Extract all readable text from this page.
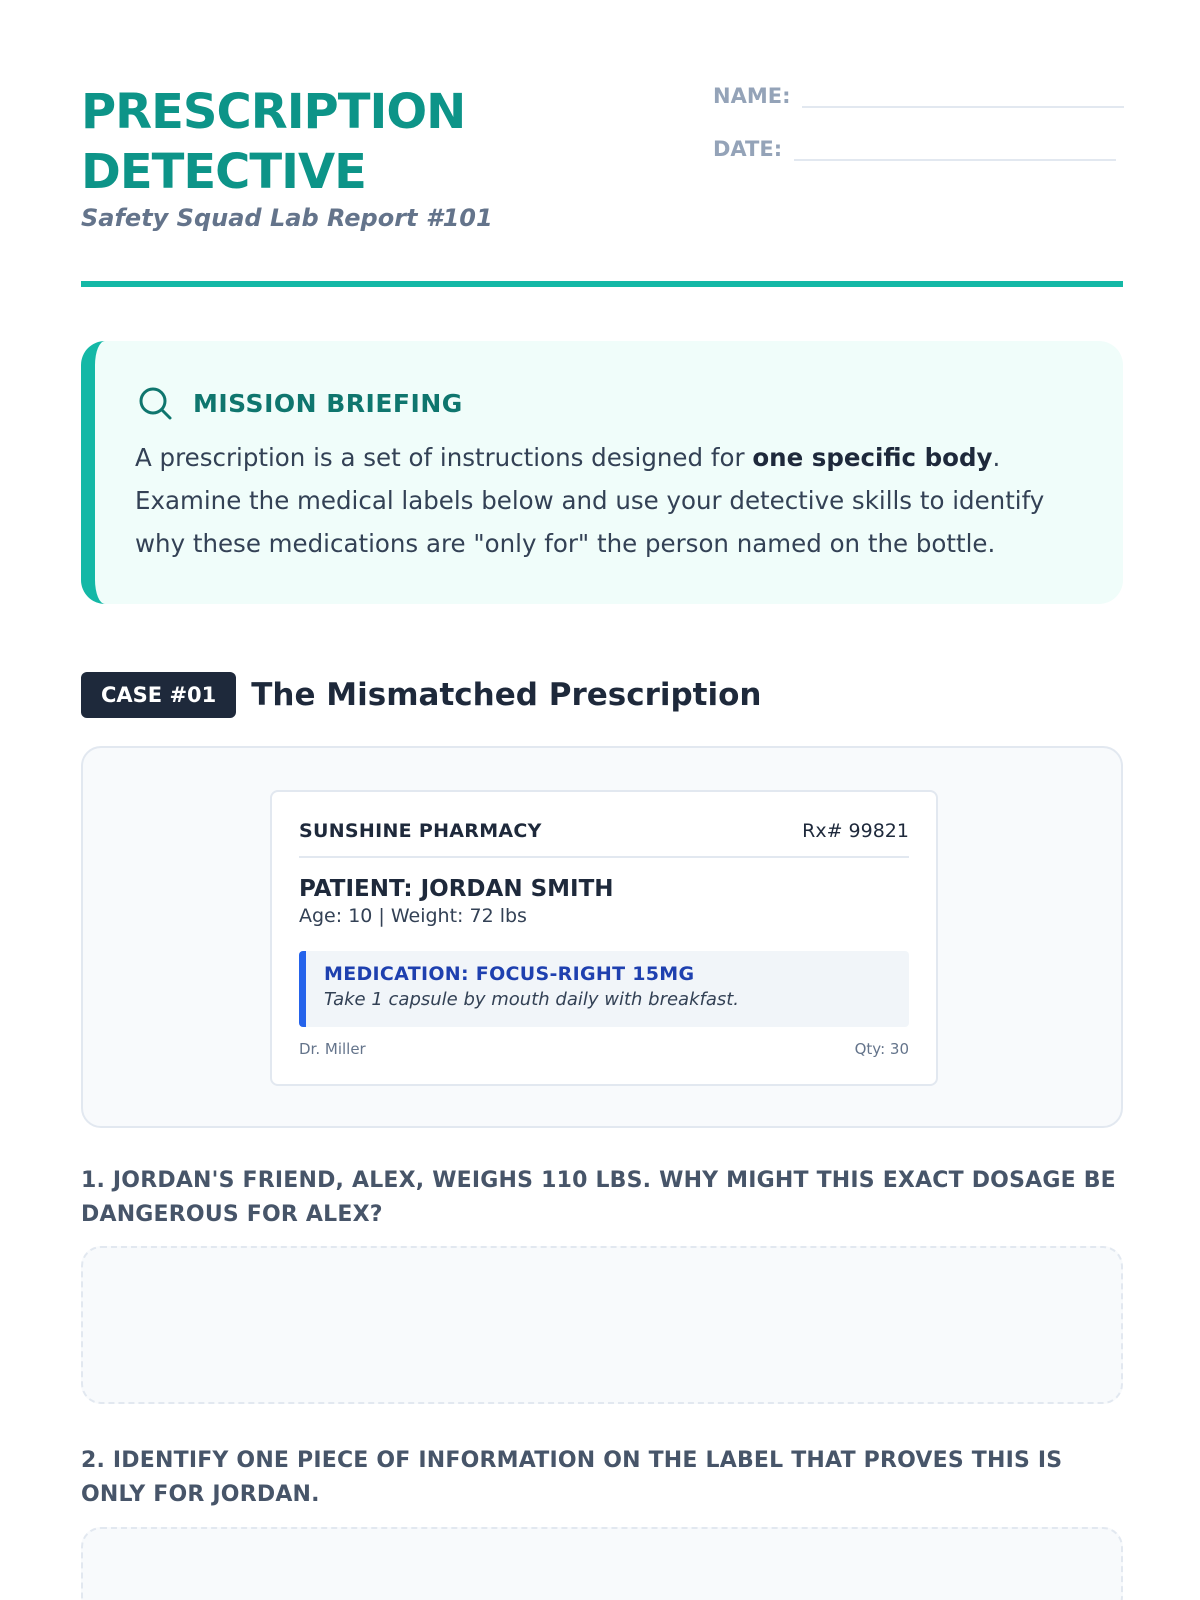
PRESCRIPTION
DETECTIVE
Safety Squad Lab Report #101
NAME:
DATE:
MISSION BRIEFING
A prescription is a set of instructions designed for one specific body. Examine the medical labels below and use your detective skills to identify why these medications are "only for" the person named on the bottle.
CASE #01	The Mismatched Prescription
SUNSHINE PHARMACY	Rx# 99821
PATIENT: JORDAN SMITH
Age: 10 | Weight: 72 lbs
MEDICATION: FOCUS-RIGHT 15MG
Take 1 capsule by mouth daily with breakfast.
Dr. Miller	Qty: 30
1. JORDAN'S FRIEND, ALEX, WEIGHS 110 LBS. WHY MIGHT THIS EXACT DOSAGE BE DANGEROUS FOR ALEX?
2. IDENTIFY ONE PIECE OF INFORMATION ON THE LABEL THAT PROVES THIS IS ONLY FOR JORDAN.
